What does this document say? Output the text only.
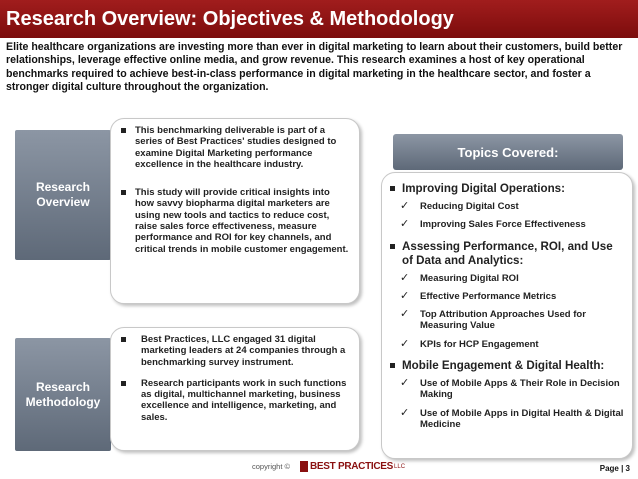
Research Overview: Objectives & Methodology
Elite healthcare organizations are investing more than ever in digital marketing to learn about their customers, build better relationships, leverage effective online media, and grow revenue. This research examines a host of key operational benchmarks required to achieve best-in-class performance in digital marketing in the healthcare sector, and foster a stronger digital culture throughout the organization.
Research Overview
This benchmarking deliverable is part of a series of Best Practices' studies designed to examine Digital Marketing performance excellence in the healthcare industry.
This study will provide critical insights into how savvy biopharma digital marketers are using new tools and tactics to reduce cost, raise sales force effectiveness, measure performance and ROI for key channels, and critical trends in mobile customer engagement.
Research Methodology
Best Practices, LLC engaged 31 digital marketing leaders at 24 companies through a benchmarking survey instrument.
Research participants work in such functions as digital, multichannel marketing, business excellence and intelligence, marketing, and sales.
Topics Covered:
Improving Digital Operations:
✓ Reducing Digital Cost
✓ Improving Sales Force Effectiveness
Assessing Performance, ROI, and Use of Data and Analytics:
✓ Measuring Digital ROI
✓ Effective Performance Metrics
✓ Top Attribution Approaches Used for Measuring Value
✓ KPIs for HCP Engagement
Mobile Engagement & Digital Health:
✓ Use of Mobile Apps & Their Role in Decision Making
✓ Use of Mobile Apps in Digital Health & Digital Medicine
copyright © BEST PRACTICES LLC	Page | 3
